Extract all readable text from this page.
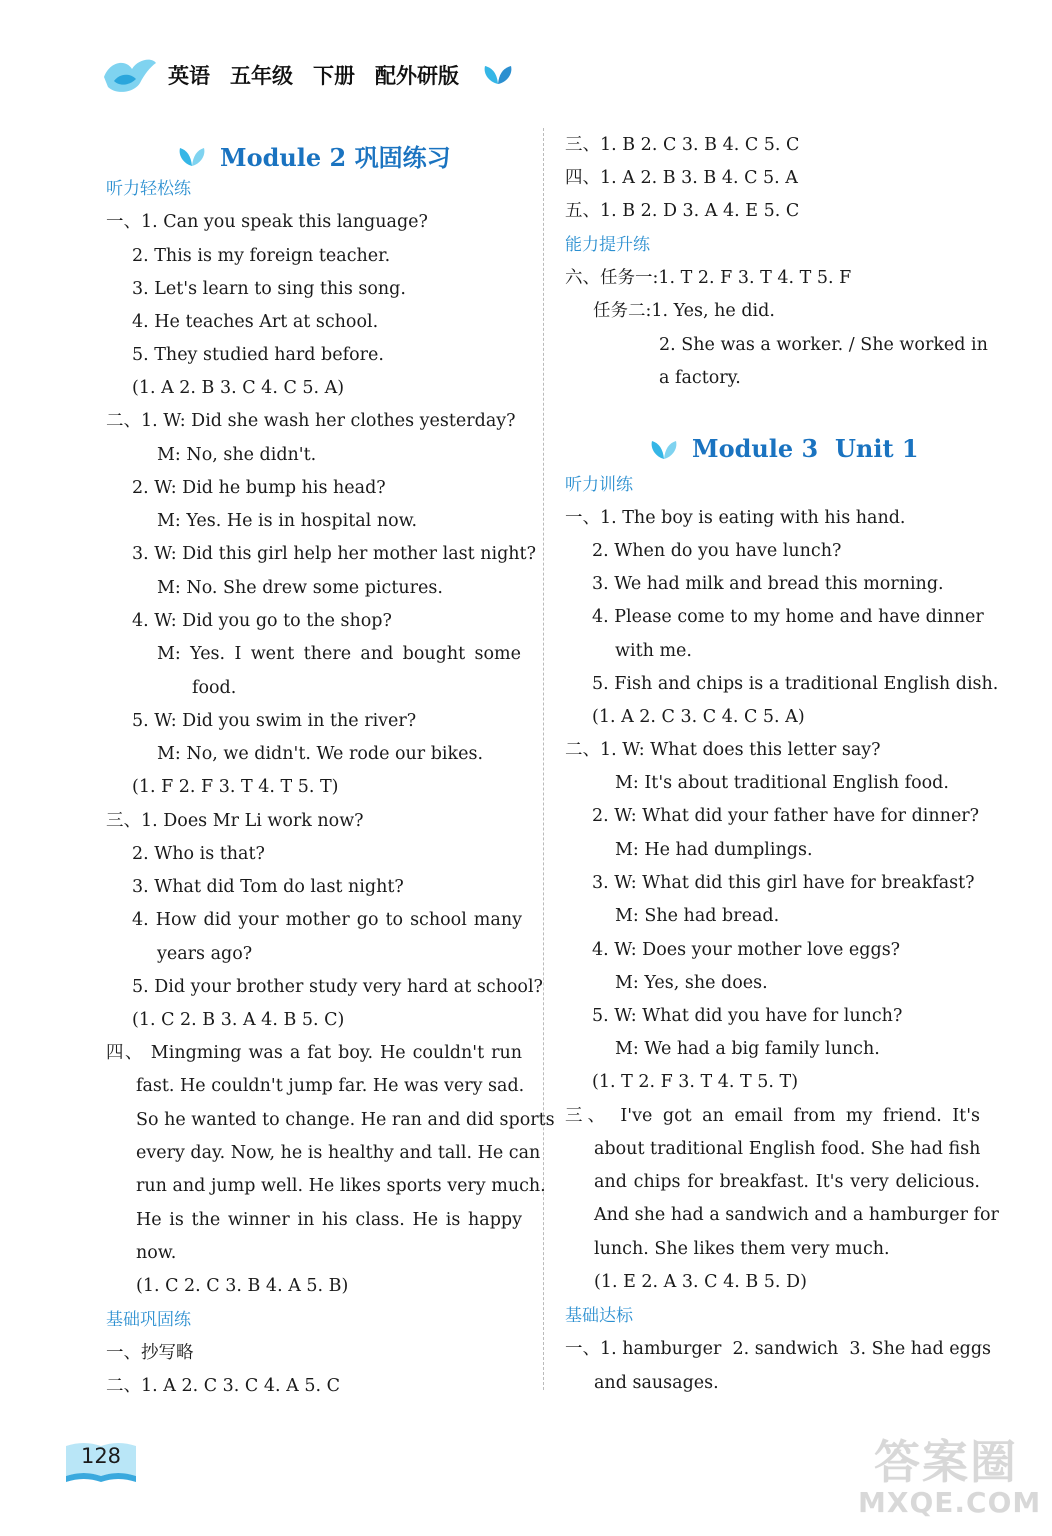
英语 五年级 下册 配外研版
Module 2 巩固练习
听力轻松练
一、1. Can you speak this language?
2. This is my foreign teacher.
3. Let's learn to sing this song.
4. He teaches Art at school.
5. They studied hard before.
(1. A 2. B 3. C 4. C 5. A)
二、1. W: Did she wash her clothes yesterday?
M: No, she didn't.
2. W: Did he bump his head?
M: Yes. He is in hospital now.
3. W: Did this girl help her mother last night?
M: No. She drew some pictures.
4. W: Did you go to the shop?
M: Yes. I went there and bought some
food.
5. W: Did you swim in the river?
M: No, we didn't. We rode our bikes.
(1. F 2. F 3. T 4. T 5. T)
三、1. Does Mr Li work now?
2. Who is that?
3. What did Tom do last night?
4. How did your mother go to school many
years ago?
5. Did your brother study very hard at school?
(1. C 2. B 3. A 4. B 5. C)
四、 Mingming was a fat boy. He couldn't run
fast. He couldn't jump far. He was very sad.
So he wanted to change. He ran and did sports
every day. Now, he is healthy and tall. He can
run and jump well. He likes sports very much.
He is the winner in his class. He is happy
now.
(1. C 2. C 3. B 4. A 5. B)
基础巩固练
一、抄写略
二、1. A 2. C 3. C 4. A 5. C
三、1. B 2. C 3. B 4. C 5. C
四、1. A 2. B 3. B 4. C 5. A
五、1. B 2. D 3. A 4. E 5. C
能力提升练
六、任务一:1. T 2. F 3. T 4. T 5. F
任务二:1. Yes, he did.
2. She was a worker. / She worked in
a factory.
Module 3  Unit 1
听力训练
一、1. The boy is eating with his hand.
2. When do you have lunch?
3. We had milk and bread this morning.
4. Please come to my home and have dinner
with me.
5. Fish and chips is a traditional English dish.
(1. A 2. C 3. C 4. C 5. A)
二、1. W: What does this letter say?
M: It's about traditional English food.
2. W: What did your father have for dinner?
M: He had dumplings.
3. W: What did this girl have for breakfast?
M: She had bread.
4. W: Does your mother love eggs?
M: Yes, she does.
5. W: What did you have for lunch?
M: We had a big family lunch.
(1. T 2. F 3. T 4. T 5. T)
三、 I've got an email from my friend. It's
about traditional English food. She had fish
and chips for breakfast. It's very delicious.
And she had a sandwich and a hamburger for
lunch. She likes them very much.
(1. E 2. A 3. C 4. B 5. D)
基础达标
一、1. hamburger  2. sandwich  3. She had eggs
and sausages.
128	答案圈
MXQE.COM
